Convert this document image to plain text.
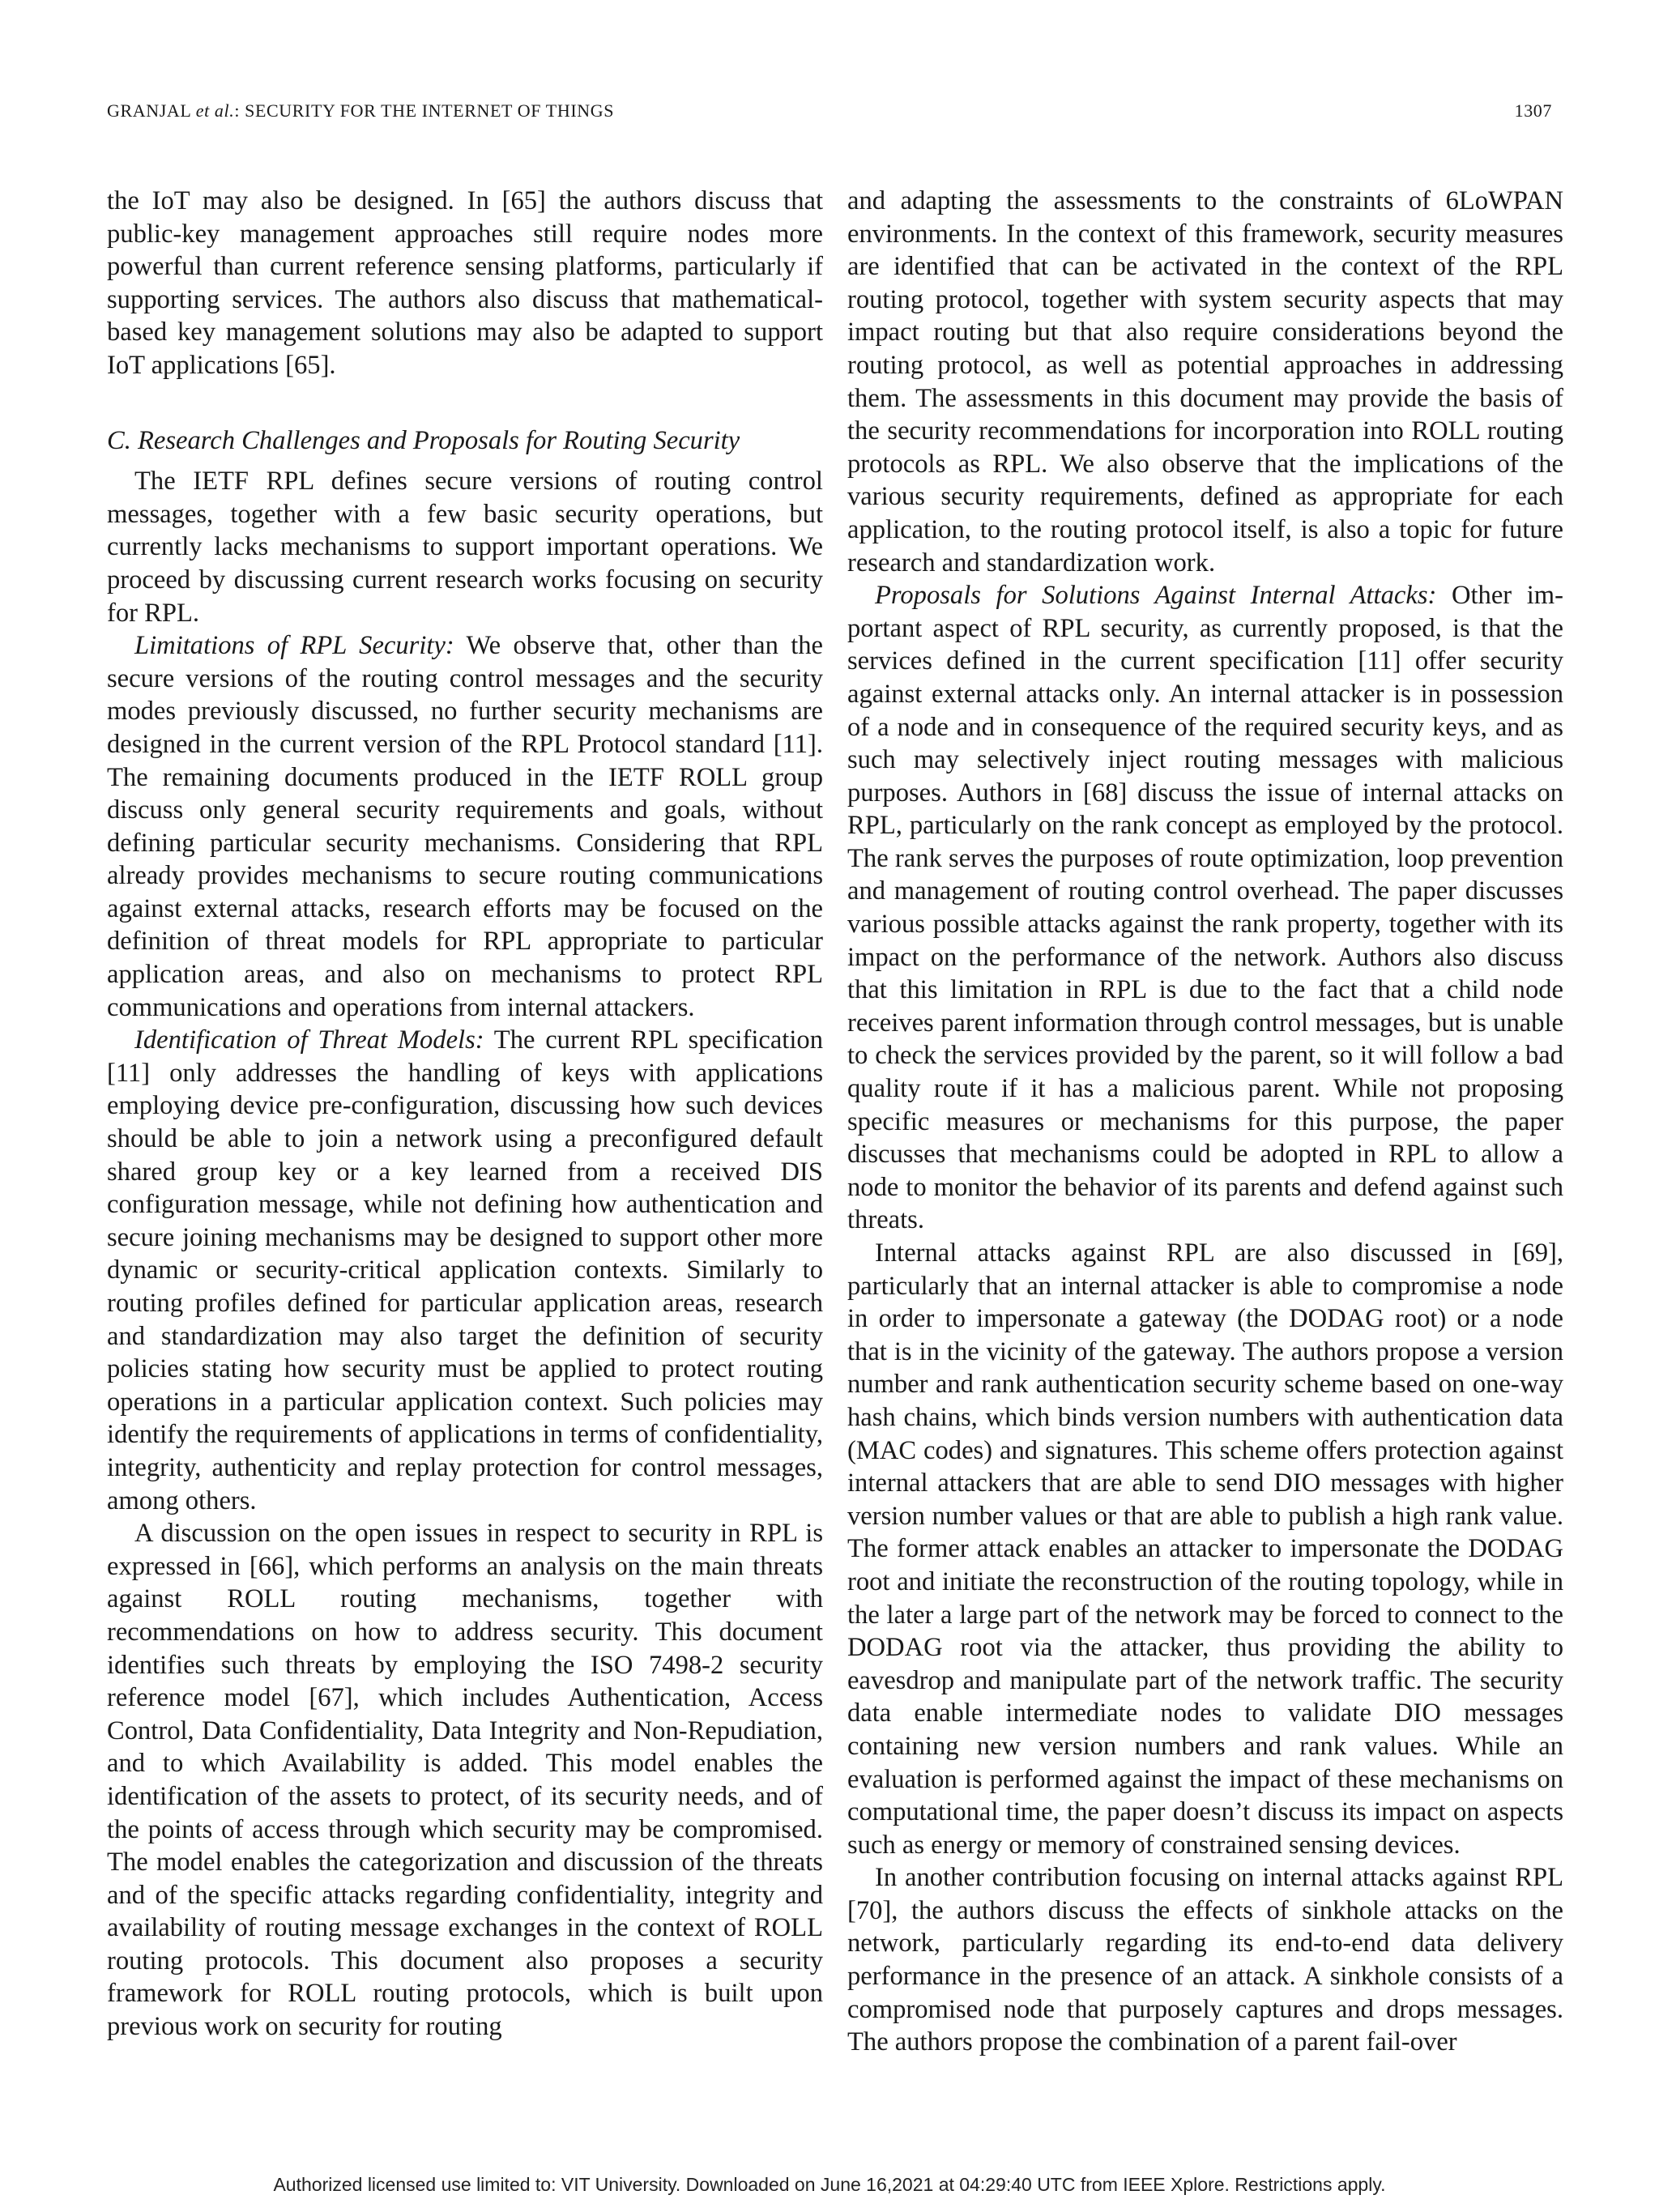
GRANJAL et al.: SECURITY FOR THE INTERNET OF THINGS	1307

the IoT may also be designed. In [65] the authors discuss that public-key management approaches still require nodes more powerful than current reference sensing platforms, particularly if supporting services. The authors also discuss that mathematical-based key management solutions may also be adapted to support IoT applications [65].

C. Research Challenges and Proposals for Routing Security

The IETF RPL defines secure versions of routing control messages, together with a few basic security operations, but currently lacks mechanisms to support important operations. We proceed by discussing current research works focusing on security for RPL.

Limitations of RPL Security: We observe that, other than the secure versions of the routing control messages and the security modes previously discussed, no further security mechanisms are designed in the current version of the RPL Protocol standard [11]. The remaining documents produced in the IETF ROLL group discuss only general security requirements and goals, without defining particular security mechanisms. Considering that RPL already provides mechanisms to secure routing communications against external attacks, research efforts may be focused on the definition of threat models for RPL appropriate to particular application areas, and also on mechanisms to protect RPL communications and operations from internal attackers.

Identification of Threat Models: The current RPL specification [11] only addresses the handling of keys with applications employing device pre-configuration, discussing how such devices should be able to join a network using a preconfigured default shared group key or a key learned from a received DIS configuration message, while not defining how authentication and secure joining mechanisms may be designed to support other more dynamic or security-critical application contexts. Similarly to routing profiles defined for particular application areas, research and standardization may also target the definition of security policies stating how security must be applied to protect routing operations in a particular application context. Such policies may identify the requirements of applications in terms of confidentiality, integrity, authenticity and replay protection for control messages, among others.

A discussion on the open issues in respect to security in RPL is expressed in [66], which performs an analysis on the main threats against ROLL routing mechanisms, together with recommendations on how to address security. This document identifies such threats by employing the ISO 7498-2 security reference model [67], which includes Authentication, Access Control, Data Confidentiality, Data Integrity and Non-Repudiation, and to which Availability is added. This model enables the identification of the assets to protect, of its security needs, and of the points of access through which security may be compromised. The model enables the categorization and discussion of the threats and of the specific attacks regarding confidentiality, integrity and availability of routing message exchanges in the context of ROLL routing protocols. This document also proposes a security framework for ROLL routing protocols, which is built upon previous work on security for routing

and adapting the assessments to the constraints of 6LoWPAN environments. In the context of this framework, security measures are identified that can be activated in the context of the RPL routing protocol, together with system security aspects that may impact routing but that also require considerations beyond the routing protocol, as well as potential approaches in addressing them. The assessments in this document may provide the basis of the security recommendations for incorporation into ROLL routing protocols as RPL. We also observe that the implications of the various security requirements, defined as appropriate for each application, to the routing protocol itself, is also a topic for future research and standardization work.

Proposals for Solutions Against Internal Attacks: Other important aspect of RPL security, as currently proposed, is that the services defined in the current specification [11] offer security against external attacks only. An internal attacker is in possession of a node and in consequence of the required security keys, and as such may selectively inject routing messages with malicious purposes. Authors in [68] discuss the issue of internal attacks on RPL, particularly on the rank concept as employed by the protocol. The rank serves the purposes of route optimization, loop prevention and management of routing control overhead. The paper discusses various possible attacks against the rank property, together with its impact on the performance of the network. Authors also discuss that this limitation in RPL is due to the fact that a child node receives parent information through control messages, but is unable to check the services provided by the parent, so it will follow a bad quality route if it has a malicious parent. While not proposing specific measures or mechanisms for this purpose, the paper discusses that mechanisms could be adopted in RPL to allow a node to monitor the behavior of its parents and defend against such threats.

Internal attacks against RPL are also discussed in [69], particularly that an internal attacker is able to compromise a node in order to impersonate a gateway (the DODAG root) or a node that is in the vicinity of the gateway. The authors propose a version number and rank authentication security scheme based on one-way hash chains, which binds version numbers with authentication data (MAC codes) and signatures. This scheme offers protection against internal attackers that are able to send DIO messages with higher version number values or that are able to publish a high rank value. The former attack enables an attacker to impersonate the DODAG root and initiate the reconstruction of the routing topology, while in the later a large part of the network may be forced to connect to the DODAG root via the attacker, thus providing the ability to eavesdrop and manipulate part of the network traffic. The security data enable intermediate nodes to validate DIO messages containing new version numbers and rank values. While an evaluation is performed against the impact of these mechanisms on computational time, the paper doesn’t discuss its impact on aspects such as energy or memory of constrained sensing devices.

In another contribution focusing on internal attacks against RPL [70], the authors discuss the effects of sinkhole attacks on the network, particularly regarding its end-to-end data delivery performance in the presence of an attack. A sinkhole consists of a compromised node that purposely captures and drops messages. The authors propose the combination of a parent fail-over

Authorized licensed use limited to: VIT University. Downloaded on June 16,2021 at 04:29:40 UTC from IEEE Xplore. Restrictions apply.
